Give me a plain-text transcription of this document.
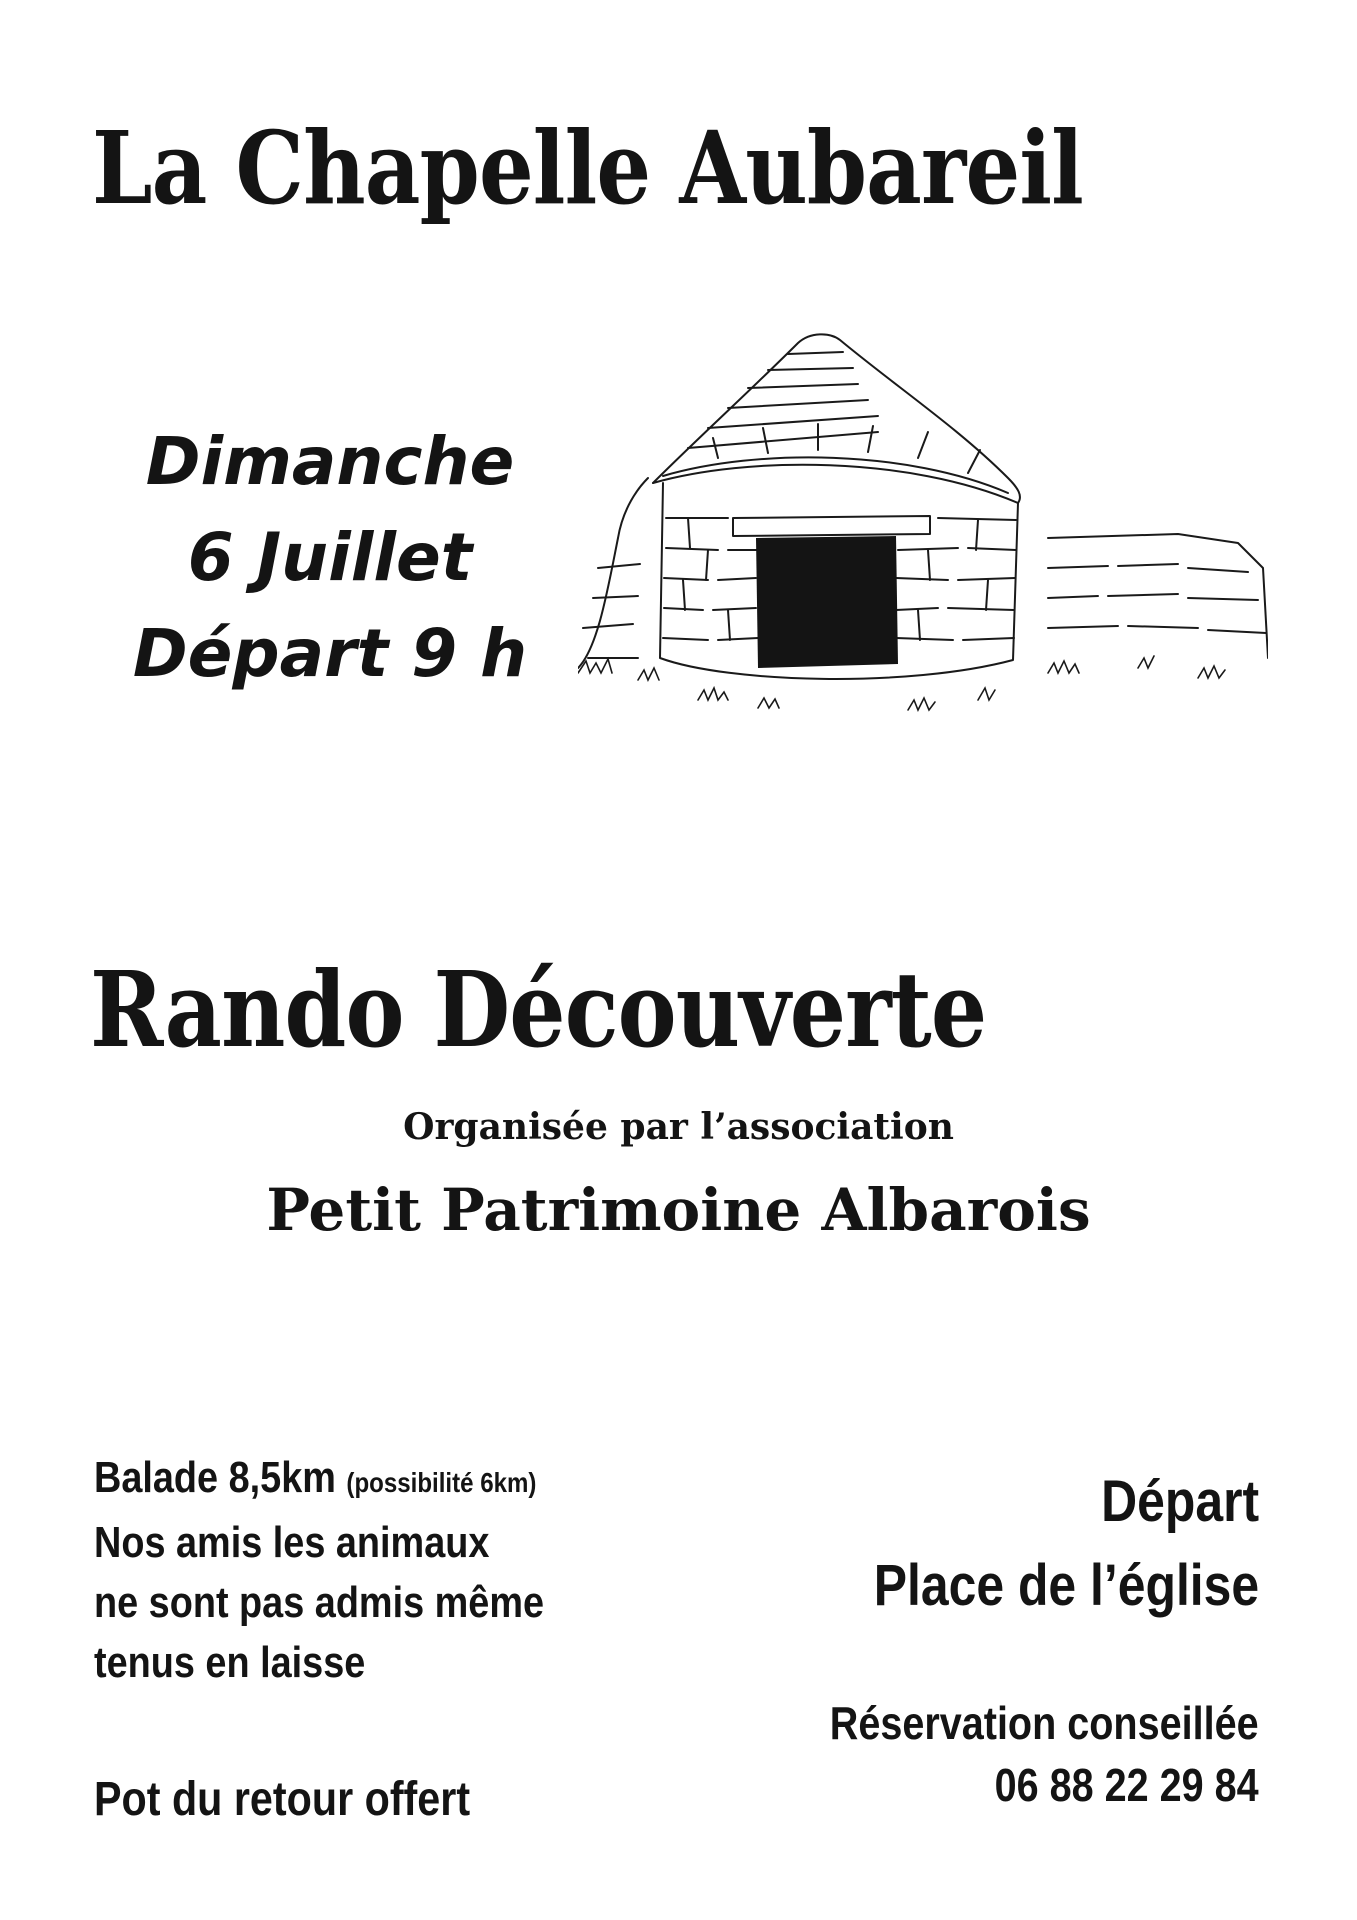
La Chapelle Aubareil
Dimanche
6 Juillet
Départ 9 h
Rando Découverte
Organisée par l’association
Petit Patrimoine Albarois
Balade 8,5km (possibilité 6km)
Nos amis les animaux
ne sont pas admis même
tenus en laisse
Pot du retour offert
Départ
Place de l’église
Réservation conseillée
06 88 22 29 84
